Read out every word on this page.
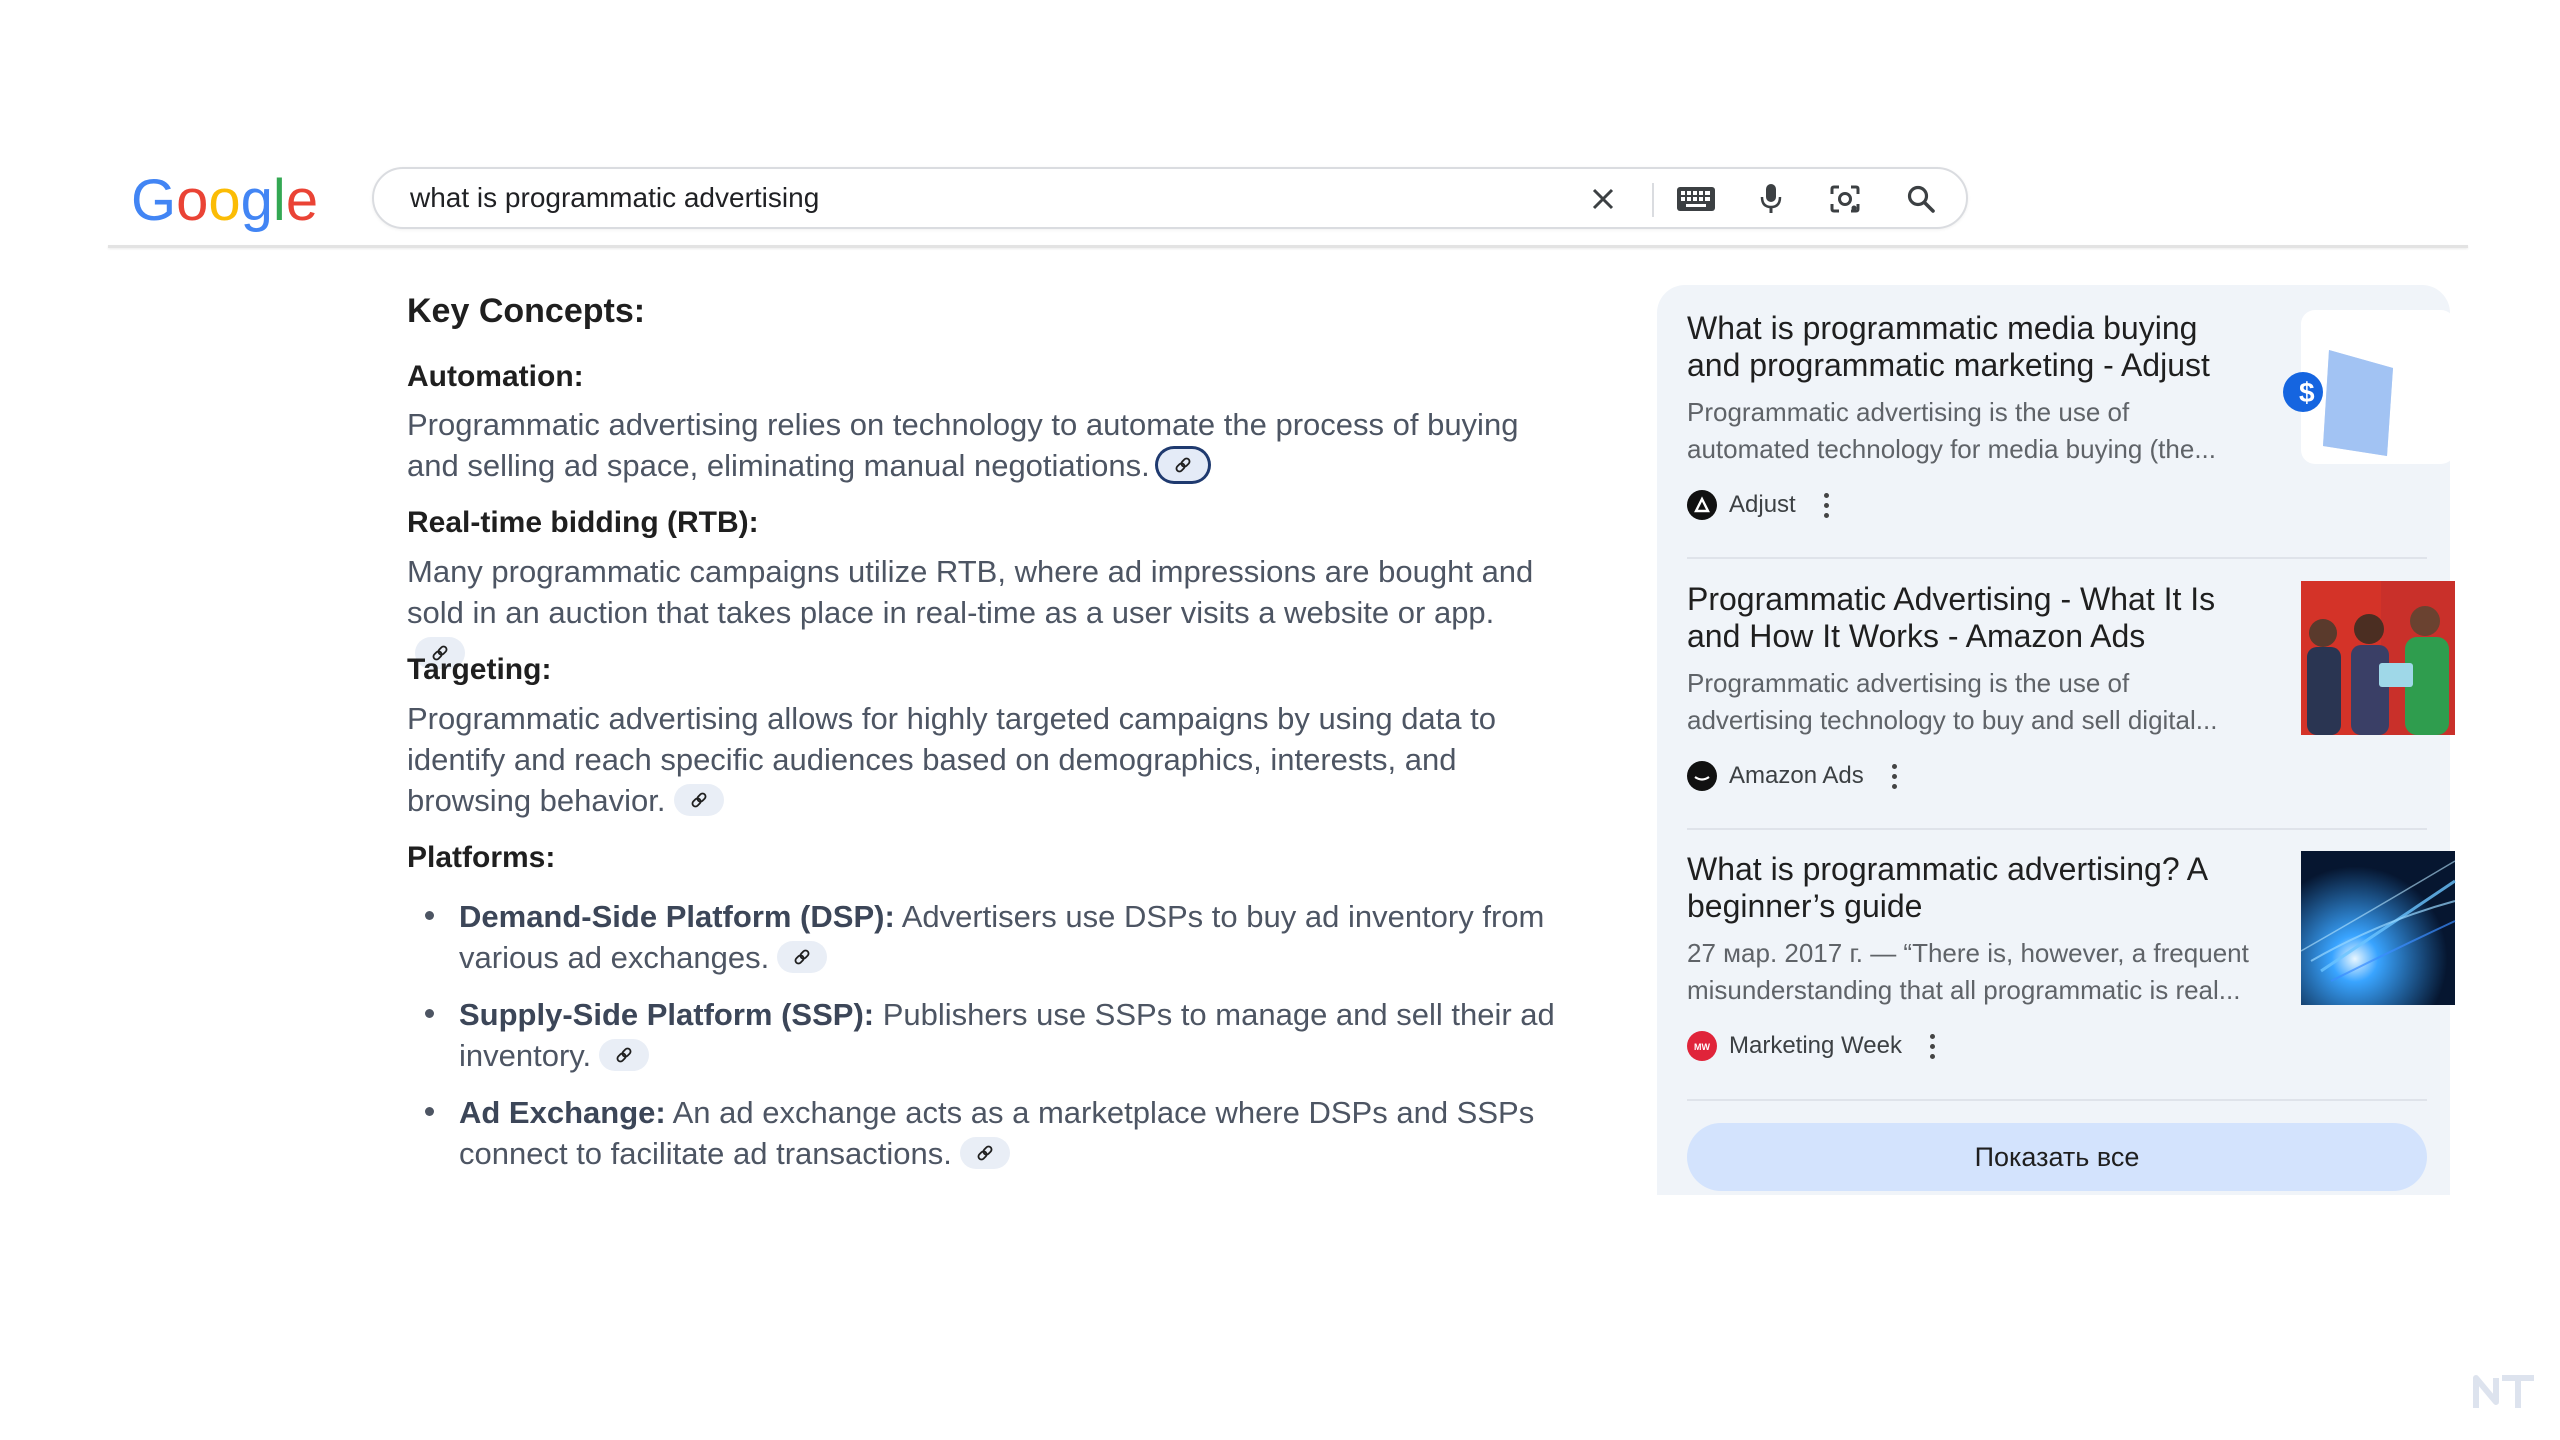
Google
what is programmatic advertising
Key Concepts:
Automation:
Programmatic advertising relies on technology to automate the process of buying and selling ad space, eliminating manual negotiations.
Real-time bidding (RTB):
Many programmatic campaigns utilize RTB, where ad impressions are bought and sold in an auction that takes place in real-time as a user visits a website or app.
Targeting:
Programmatic advertising allows for highly targeted campaigns by using data to identify and reach specific audiences based on demographics, interests, and browsing behavior.
Platforms:
Demand-Side Platform (DSP): Advertisers use DSPs to buy ad inventory from various ad exchanges.
Supply-Side Platform (SSP): Publishers use SSPs to manage and sell their ad inventory.
Ad Exchange: An ad exchange acts as a marketplace where DSPs and SSPs connect to facilitate ad transactions.
What is programmatic media buying and programmatic marketing - Adjust
Programmatic advertising is the use of automated technology for media buying (the...
Adjust
$
Programmatic Advertising - What It Is and How It Works - Amazon Ads
Programmatic advertising is the use of advertising technology to buy and sell digital...
Amazon Ads
What is programmatic advertising? A beginner’s guide
27 мар. 2017 г. — “There is, however, a frequent misunderstanding that all programmatic is real...
MW Marketing Week
Показать все
